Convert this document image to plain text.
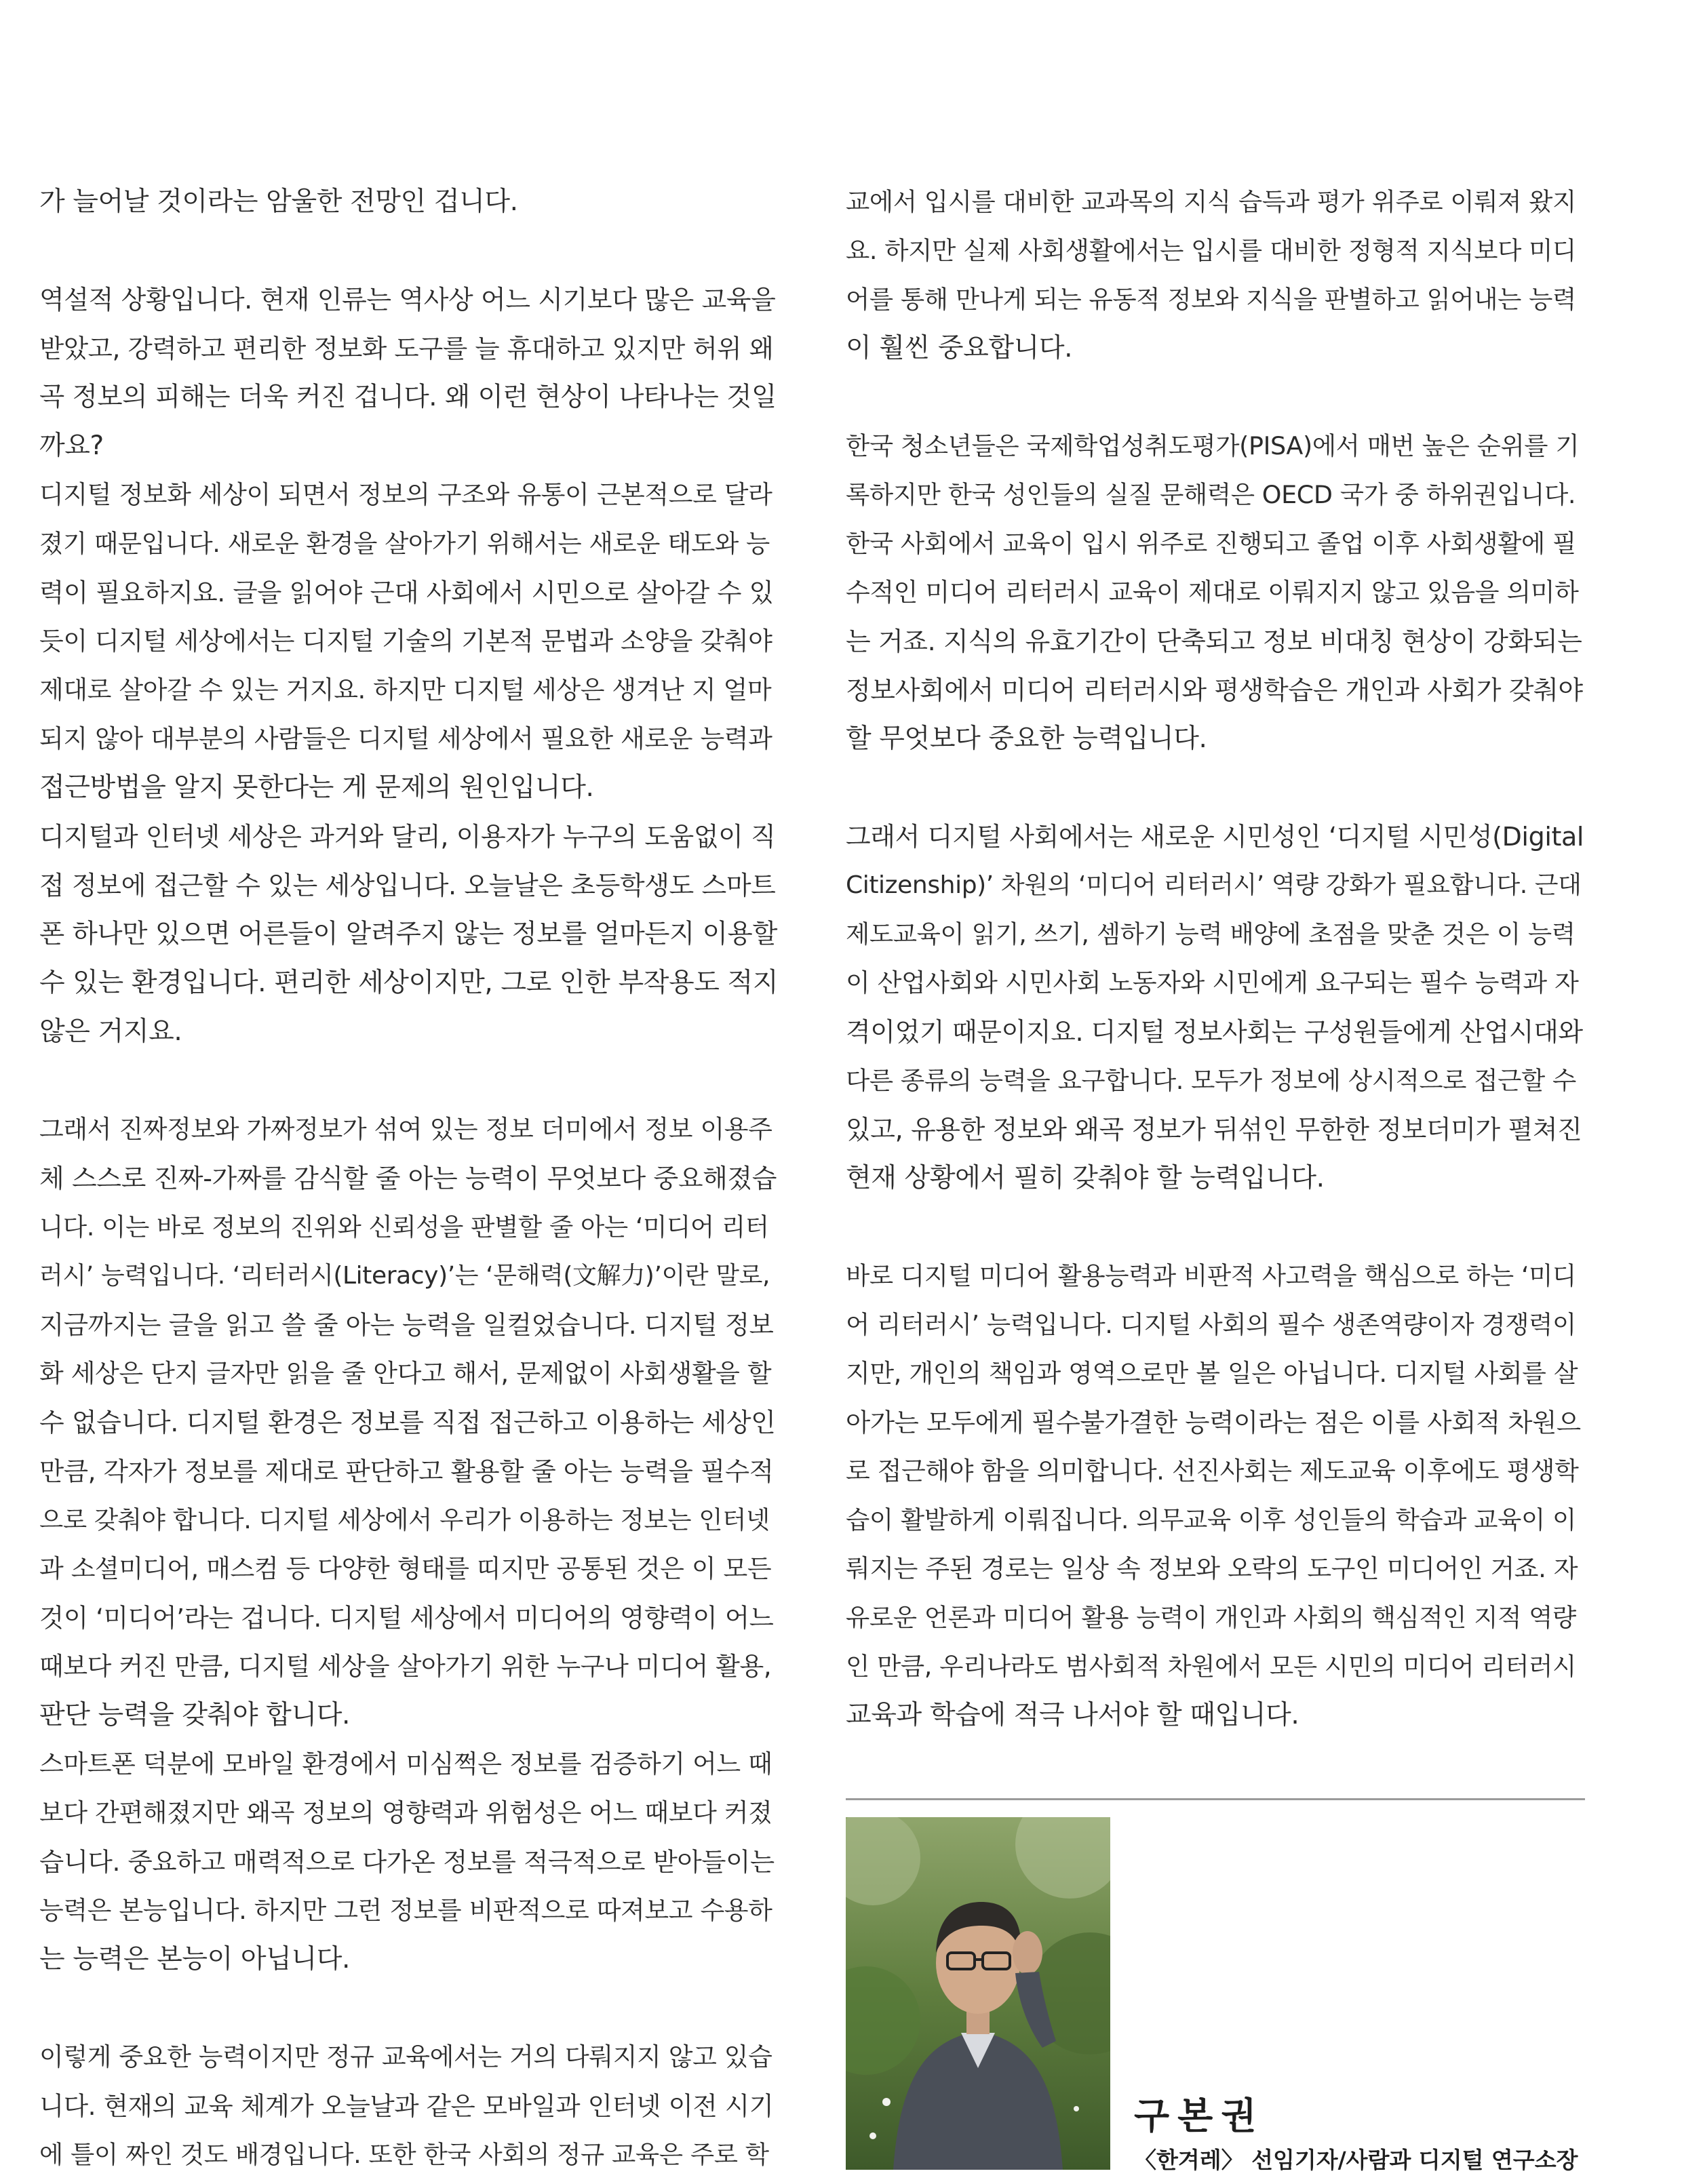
가 늘어날 것이라는 암울한 전망인 겁니다.
역설적 상황입니다. 현재 인류는 역사상 어느 시기보다 많은 교육을
받았고, 강력하고 편리한 정보화 도구를 늘 휴대하고 있지만 허위 왜
곡 정보의 피해는 더욱 커진 겁니다. 왜 이런 현상이 나타나는 것일
까요?
디지털 정보화 세상이 되면서 정보의 구조와 유통이 근본적으로 달라
졌기 때문입니다. 새로운 환경을 살아가기 위해서는 새로운 태도와 능
력이 필요하지요. 글을 읽어야 근대 사회에서 시민으로 살아갈 수 있
듯이 디지털 세상에서는 디지털 기술의 기본적 문법과 소양을 갖춰야
제대로 살아갈 수 있는 거지요. 하지만 디지털 세상은 생겨난 지 얼마
되지 않아 대부분의 사람들은 디지털 세상에서 필요한 새로운 능력과
접근방법을 알지 못한다는 게 문제의 원인입니다.
디지털과 인터넷 세상은 과거와 달리, 이용자가 누구의 도움없이 직
접 정보에 접근할 수 있는 세상입니다. 오늘날은 초등학생도 스마트
폰 하나만 있으면 어른들이 알려주지 않는 정보를 얼마든지 이용할
수 있는 환경입니다. 편리한 세상이지만, 그로 인한 부작용도 적지
않은 거지요.
그래서 진짜정보와 가짜정보가 섞여 있는 정보 더미에서 정보 이용주
체 스스로 진짜-가짜를 감식할 줄 아는 능력이 무엇보다 중요해졌습
니다. 이는 바로 정보의 진위와 신뢰성을 판별할 줄 아는 ‘미디어 리터
러시’ 능력입니다. ‘리터러시(Literacy)’는 ‘문해력(文解力)’이란 말로,
지금까지는 글을 읽고 쓸 줄 아는 능력을 일컬었습니다. 디지털 정보
화 세상은 단지 글자만 읽을 줄 안다고 해서, 문제없이 사회생활을 할
수 없습니다. 디지털 환경은 정보를 직접 접근하고 이용하는 세상인
만큼, 각자가 정보를 제대로 판단하고 활용할 줄 아는 능력을 필수적
으로 갖춰야 합니다. 디지털 세상에서 우리가 이용하는 정보는 인터넷
과 소셜미디어, 매스컴 등 다양한 형태를 띠지만 공통된 것은 이 모든
것이 ‘미디어’라는 겁니다. 디지털 세상에서 미디어의 영향력이 어느
때보다 커진 만큼, 디지털 세상을 살아가기 위한 누구나 미디어 활용,
판단 능력을 갖춰야 합니다.
스마트폰 덕분에 모바일 환경에서 미심쩍은 정보를 검증하기 어느 때
보다 간편해졌지만 왜곡 정보의 영향력과 위험성은 어느 때보다 커졌
습니다. 중요하고 매력적으로 다가온 정보를 적극적으로 받아들이는
능력은 본능입니다. 하지만 그런 정보를 비판적으로 따져보고 수용하
는 능력은 본능이 아닙니다.
이렇게 중요한 능력이지만 정규 교육에서는 거의 다뤄지지 않고 있습
니다. 현재의 교육 체계가 오늘날과 같은 모바일과 인터넷 이전 시기
에 틀이 짜인 것도 배경입니다. 또한 한국 사회의 정규 교육은 주로 학
교에서 입시를 대비한 교과목의 지식 습득과 평가 위주로 이뤄져 왔지
요. 하지만 실제 사회생활에서는 입시를 대비한 정형적 지식보다 미디
어를 통해 만나게 되는 유동적 정보와 지식을 판별하고 읽어내는 능력
이 훨씬 중요합니다.
한국 청소년들은 국제학업성취도평가(PISA)에서 매번 높은 순위를 기
록하지만 한국 성인들의 실질 문해력은 OECD 국가 중 하위권입니다.
한국 사회에서 교육이 입시 위주로 진행되고 졸업 이후 사회생활에 필
수적인 미디어 리터러시 교육이 제대로 이뤄지지 않고 있음을 의미하
는 거죠. 지식의 유효기간이 단축되고 정보 비대칭 현상이 강화되는
정보사회에서 미디어 리터러시와 평생학습은 개인과 사회가 갖춰야
할 무엇보다 중요한 능력입니다.
그래서 디지털 사회에서는 새로운 시민성인 ‘디지털 시민성(Digital
Citizenship)’ 차원의 ‘미디어 리터러시’ 역량 강화가 필요합니다. 근대
제도교육이 읽기, 쓰기, 셈하기 능력 배양에 초점을 맞춘 것은 이 능력
이 산업사회와 시민사회 노동자와 시민에게 요구되는 필수 능력과 자
격이었기 때문이지요. 디지털 정보사회는 구성원들에게 산업시대와
다른 종류의 능력을 요구합니다. 모두가 정보에 상시적으로 접근할 수
있고, 유용한 정보와 왜곡 정보가 뒤섞인 무한한 정보더미가 펼쳐진
현재 상황에서 필히 갖춰야 할 능력입니다.
바로 디지털 미디어 활용능력과 비판적 사고력을 핵심으로 하는 ‘미디
어 리터러시’ 능력입니다. 디지털 사회의 필수 생존역량이자 경쟁력이
지만, 개인의 책임과 영역으로만 볼 일은 아닙니다. 디지털 사회를 살
아가는 모두에게 필수불가결한 능력이라는 점은 이를 사회적 차원으
로 접근해야 함을 의미합니다. 선진사회는 제도교육 이후에도 평생학
습이 활발하게 이뤄집니다. 의무교육 이후 성인들의 학습과 교육이 이
뤄지는 주된 경로는 일상 속 정보와 오락의 도구인 미디어인 거죠. 자
유로운 언론과 미디어 활용 능력이 개인과 사회의 핵심적인 지적 역량
인 만큼, 우리나라도 범사회적 차원에서 모든 시민의 미디어 리터러시
교육과 학습에 적극 나서야 할 때입니다.
구본권
〈한겨레〉 선임기자/사람과 디지털 연구소장
